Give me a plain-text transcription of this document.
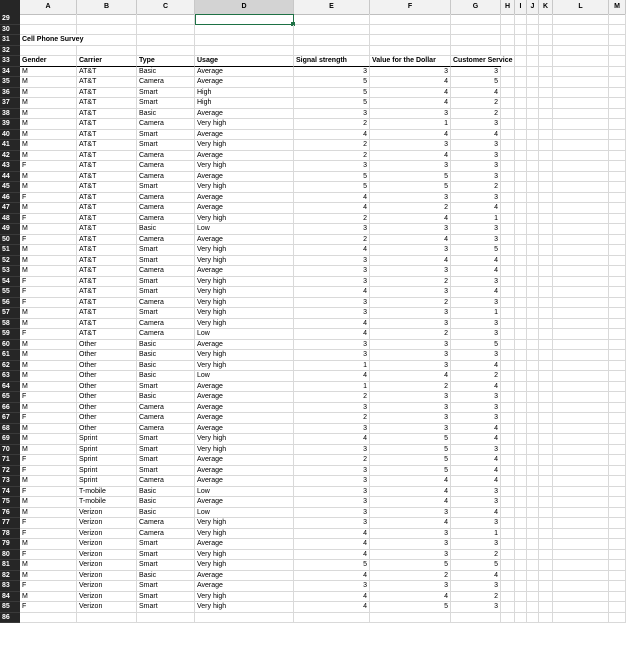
A	B	C	D	E	F	G	H	I	J	K	L	M
29
30
31	Cell Phone Survey
32
33	Gender	Carrier	Type	Usage	Signal strength	Value for the Dollar	Customer Service
34	M	AT&T	Basic	Average	3	3	3
35	M	AT&T	Camera	Average	5	4	5
36	M	AT&T	Smart	High	5	4	4
37	M	AT&T	Smart	High	5	4	2
38	M	AT&T	Basic	Average	3	3	2
39	M	AT&T	Camera	Very high	2	1	3
40	M	AT&T	Smart	Average	4	4	4
41	M	AT&T	Smart	Very high	2	3	3
42	M	AT&T	Camera	Average	2	4	3
43	F	AT&T	Camera	Very high	3	3	3
44	M	AT&T	Camera	Average	5	5	3
45	M	AT&T	Smart	Very high	5	5	2
46	F	AT&T	Camera	Average	4	3	3
47	M	AT&T	Camera	Average	4	2	4
48	F	AT&T	Camera	Very high	2	4	1
49	M	AT&T	Basic	Low	3	3	3
50	F	AT&T	Camera	Average	2	4	3
51	M	AT&T	Smart	Very high	4	3	5
52	M	AT&T	Smart	Very high	3	4	4
53	M	AT&T	Camera	Average	3	3	4
54	F	AT&T	Smart	Very high	3	2	3
55	F	AT&T	Smart	Very high	4	3	4
56	F	AT&T	Camera	Very high	3	2	3
57	M	AT&T	Smart	Very high	3	3	1
58	M	AT&T	Camera	Very high	4	3	3
59	F	AT&T	Camera	Low	4	2	3
60	M	Other	Basic	Average	3	3	5
61	M	Other	Basic	Very high	3	3	3
62	M	Other	Basic	Very high	1	3	4
63	M	Other	Basic	Low	4	4	2
64	M	Other	Smart	Average	1	2	4
65	F	Other	Basic	Average	2	3	3
66	M	Other	Camera	Average	3	3	3
67	F	Other	Camera	Average	2	3	3
68	M	Other	Camera	Average	3	3	4
69	M	Sprint	Smart	Very high	4	5	4
70	M	Sprint	Smart	Very high	3	5	3
71	F	Sprint	Smart	Average	2	5	4
72	F	Sprint	Smart	Average	3	5	4
73	M	Sprint	Camera	Average	3	4	4
74	F	T-mobile	Basic	Low	3	4	3
75	M	T-mobile	Basic	Average	3	4	3
76	M	Verizon	Basic	Low	3	3	4
77	F	Verizon	Camera	Very high	3	4	3
78	F	Verizon	Camera	Very high	4	3	1
79	M	Verizon	Smart	Average	4	3	3
80	F	Verizon	Smart	Very high	4	3	2
81	M	Verizon	Smart	Very high	5	5	5
82	M	Verizon	Basic	Average	4	2	4
83	F	Verizon	Smart	Average	3	3	3
84	M	Verizon	Smart	Very high	4	4	2
85	F	Verizon	Smart	Very high	4	5	3
86
